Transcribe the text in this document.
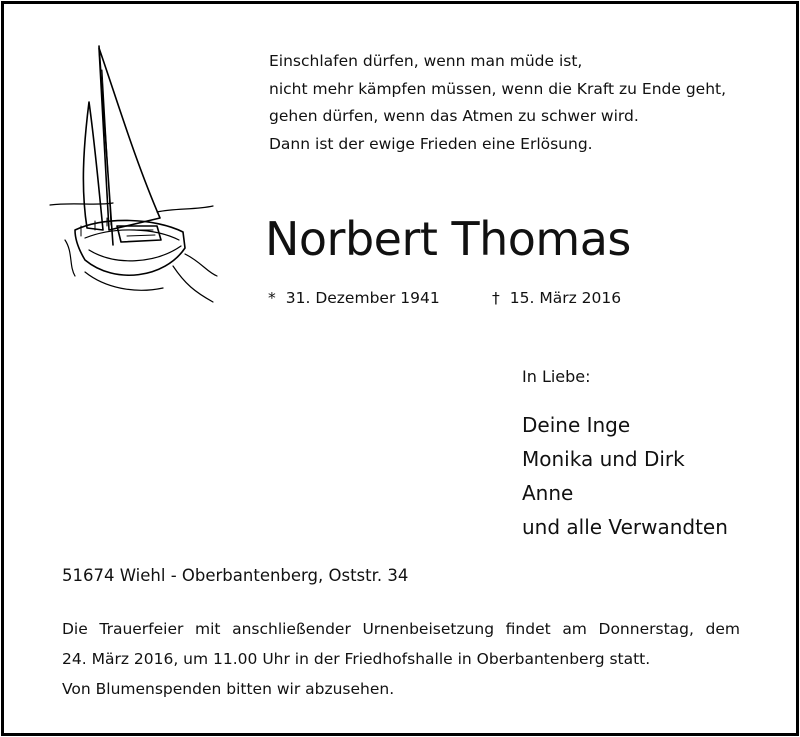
Einschlafen dürfen, wenn man müde ist,
nicht mehr kämpfen müssen, wenn die Kraft zu Ende geht,
gehen dürfen, wenn das Atmen zu schwer wird.
Dann ist der ewige Frieden eine Erlösung.
Norbert Thomas
* 31. Dezember 1941	† 15. März 2016
In Liebe:
Deine Inge
Monika und Dirk
Anne
und alle Verwandten
51674 Wiehl - Oberbantenberg, Oststr. 34
Die Trauerfeier mit anschließender Urnenbeisetzung findet am Donnerstag, dem
24. März 2016, um 11.00 Uhr in der Friedhofshalle in Oberbantenberg statt.
Von Blumenspenden bitten wir abzusehen.
